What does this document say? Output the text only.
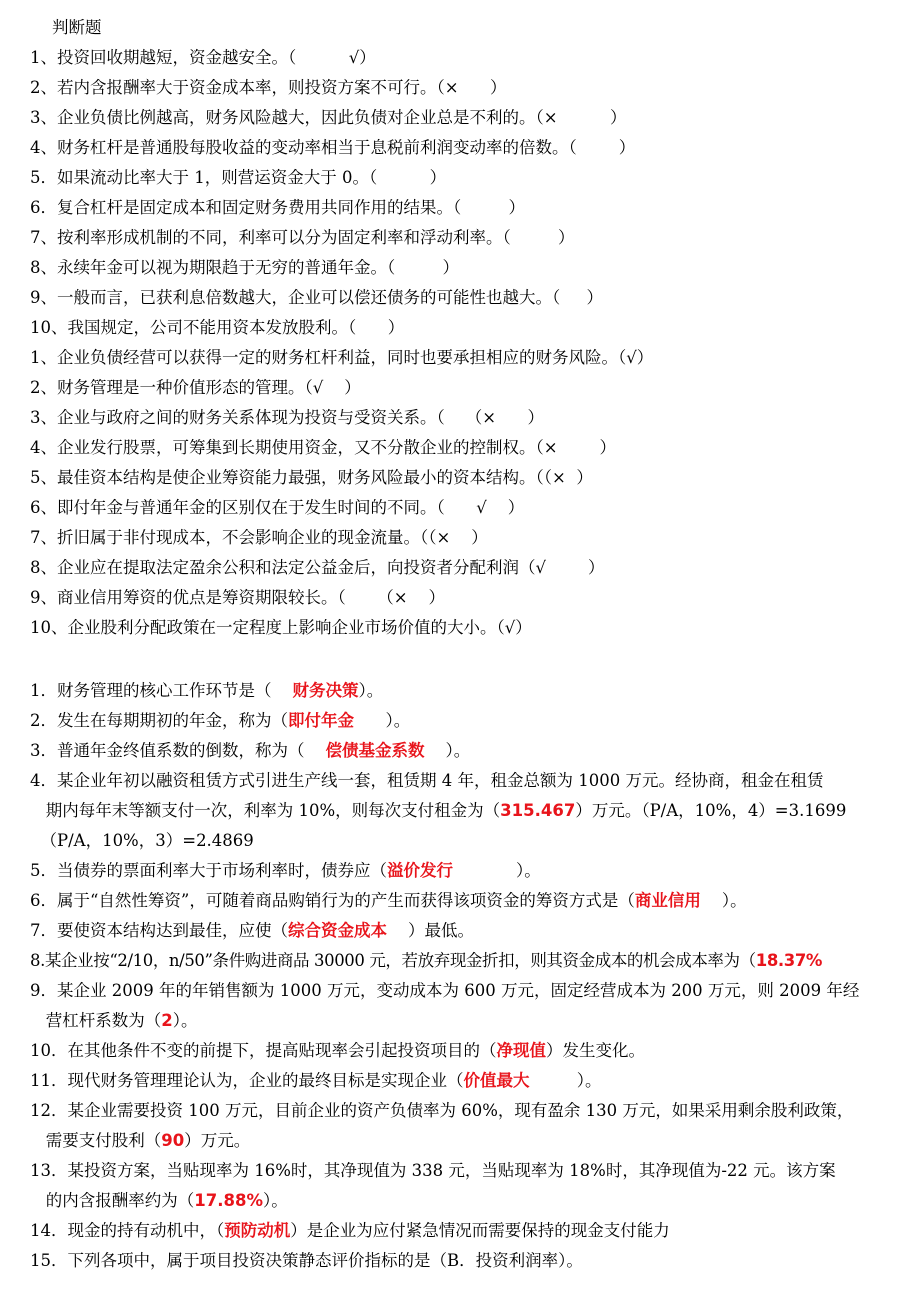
判断题
1、投资回收期越短，资金越安全。（          √）
2、若内含报酬率大于资金成本率，则投资方案不可行。（×      ）
3、企业负债比例越高，财务风险越大，因此负债对企业总是不利的。（×          ）
4、财务杠杆是普通股每股收益的变动率相当于息税前利润变动率的倍数。（        ）
5．如果流动比率大于 1，则营运资金大于 0。（          ）
6．复合杠杆是固定成本和固定财务费用共同作用的结果。（         ）
7、按利率形成机制的不同，利率可以分为固定利率和浮动利率。（         ）
8、永续年金可以视为期限趋于无穷的普通年金。（         ）
9、一般而言，已获利息倍数越大，企业可以偿还债务的可能性也越大。（     ）
10、我国规定，公司不能用资本发放股利。（      ）
1、企业负债经营可以获得一定的财务杠杆利益，同时也要承担相应的财务风险。（√）
2、财务管理是一种价值形态的管理。（√    ）
3、企业与政府之间的财务关系体现为投资与受资关系。（    （×      ）
4、企业发行股票，可筹集到长期使用资金，又不分散企业的控制权。（×        ）
5、最佳资本结构是使企业筹资能力最强，财务风险最小的资本结构。（（×  ）
6、即付年金与普通年金的区别仅在于发生时间的不同。（      √    ）
7、折旧属于非付现成本，不会影响企业的现金流量。（（×    ）
8、企业应在提取法定盈余公积和法定公益金后，向投资者分配利润（√        ）
9、商业信用筹资的优点是筹资期限较长。（      （×    ）
10、企业股利分配政策在一定程度上影响企业市场价值的大小。（√）
1．财务管理的核心工作环节是（    财务决策）。
2．发生在每期期初的年金，称为（即付年金      ）。
3．普通年金终值系数的倒数，称为（    偿债基金系数    ）。
4．某企业年初以融资租赁方式引进生产线一套，租赁期 4 年，租金总额为 1000 万元。经协商，租金在租赁
期内每年末等额支付一次，利率为 10%，则每次支付租金为（315.467）万元。（P/A，10%，4）=3.1699
（P/A，10%，3）=2.4869
5．当债券的票面利率大于市场利率时，债券应（溢价发行            ）。
6．属于“自然性筹资”，可随着商品购销行为的产生而获得该项资金的筹资方式是（商业信用    ）。
7．要使资本结构达到最佳，应使（综合资金成本    ）最低。
8.某企业按“2/10，n/50”条件购进商品 30000 元，若放弃现金折扣，则其资金成本的机会成本率为（18.37%
9．某企业 2009 年的年销售额为 1000 万元，变动成本为 600 万元，固定经营成本为 200 万元，则 2009 年经
营杠杆系数为（2）。
10．在其他条件不变的前提下，提高贴现率会引起投资项目的（净现值）发生变化。
11．现代财务管理理论认为，企业的最终目标是实现企业（价值最大         ）。
12．某企业需要投资 100 万元，目前企业的资产负债率为 60%，现有盈余 130 万元，如果采用剩余股利政策，
需要支付股利（90）万元。
13．某投资方案，当贴现率为 16%时，其净现值为 338 元，当贴现率为 18%时，其净现值为-22 元。该方案
的内含报酬率约为（17.88%）。
14．现金的持有动机中，（预防动机）是企业为应付紧急情况而需要保持的现金支付能力
15．下列各项中，属于项目投资决策静态评价指标的是（B．投资利润率）。
